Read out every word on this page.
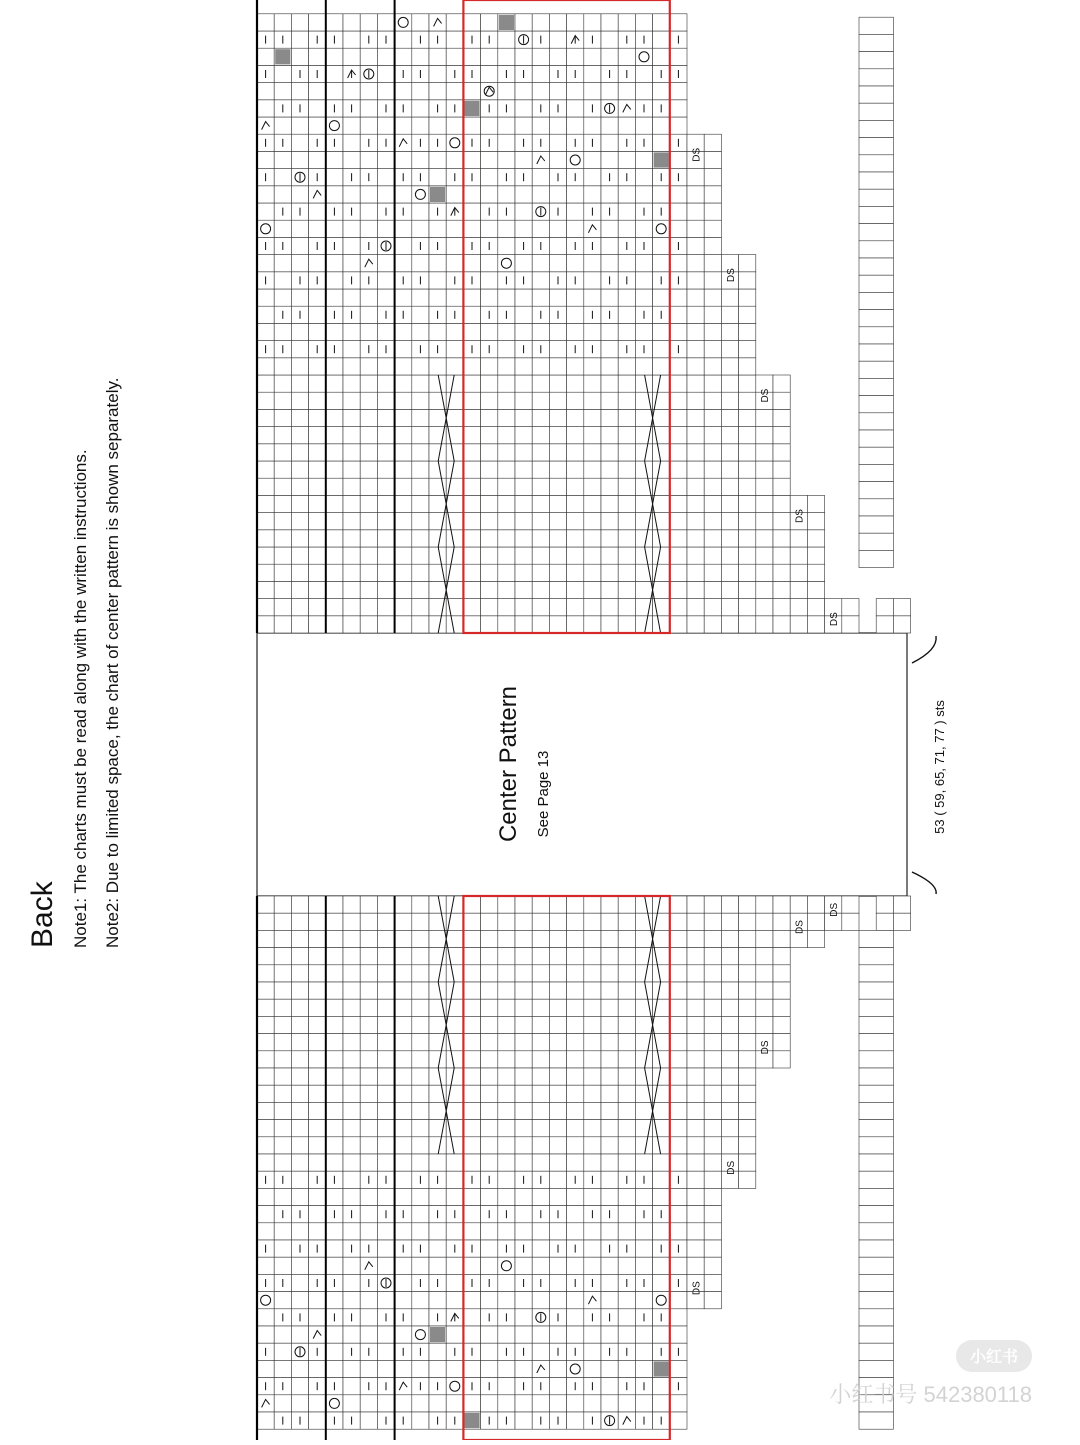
Back Note1: The charts must be read along with the written instructions. Note2: Due to limited space, the chart of center pattern is shown separately.	Center Pattern See Page 13	53 ( 59, 65, 71, 77 ) sts
DS
DS
DS
DS
DS
DS
DS
DS
DS
DS
小红书
小红书号 542380118
